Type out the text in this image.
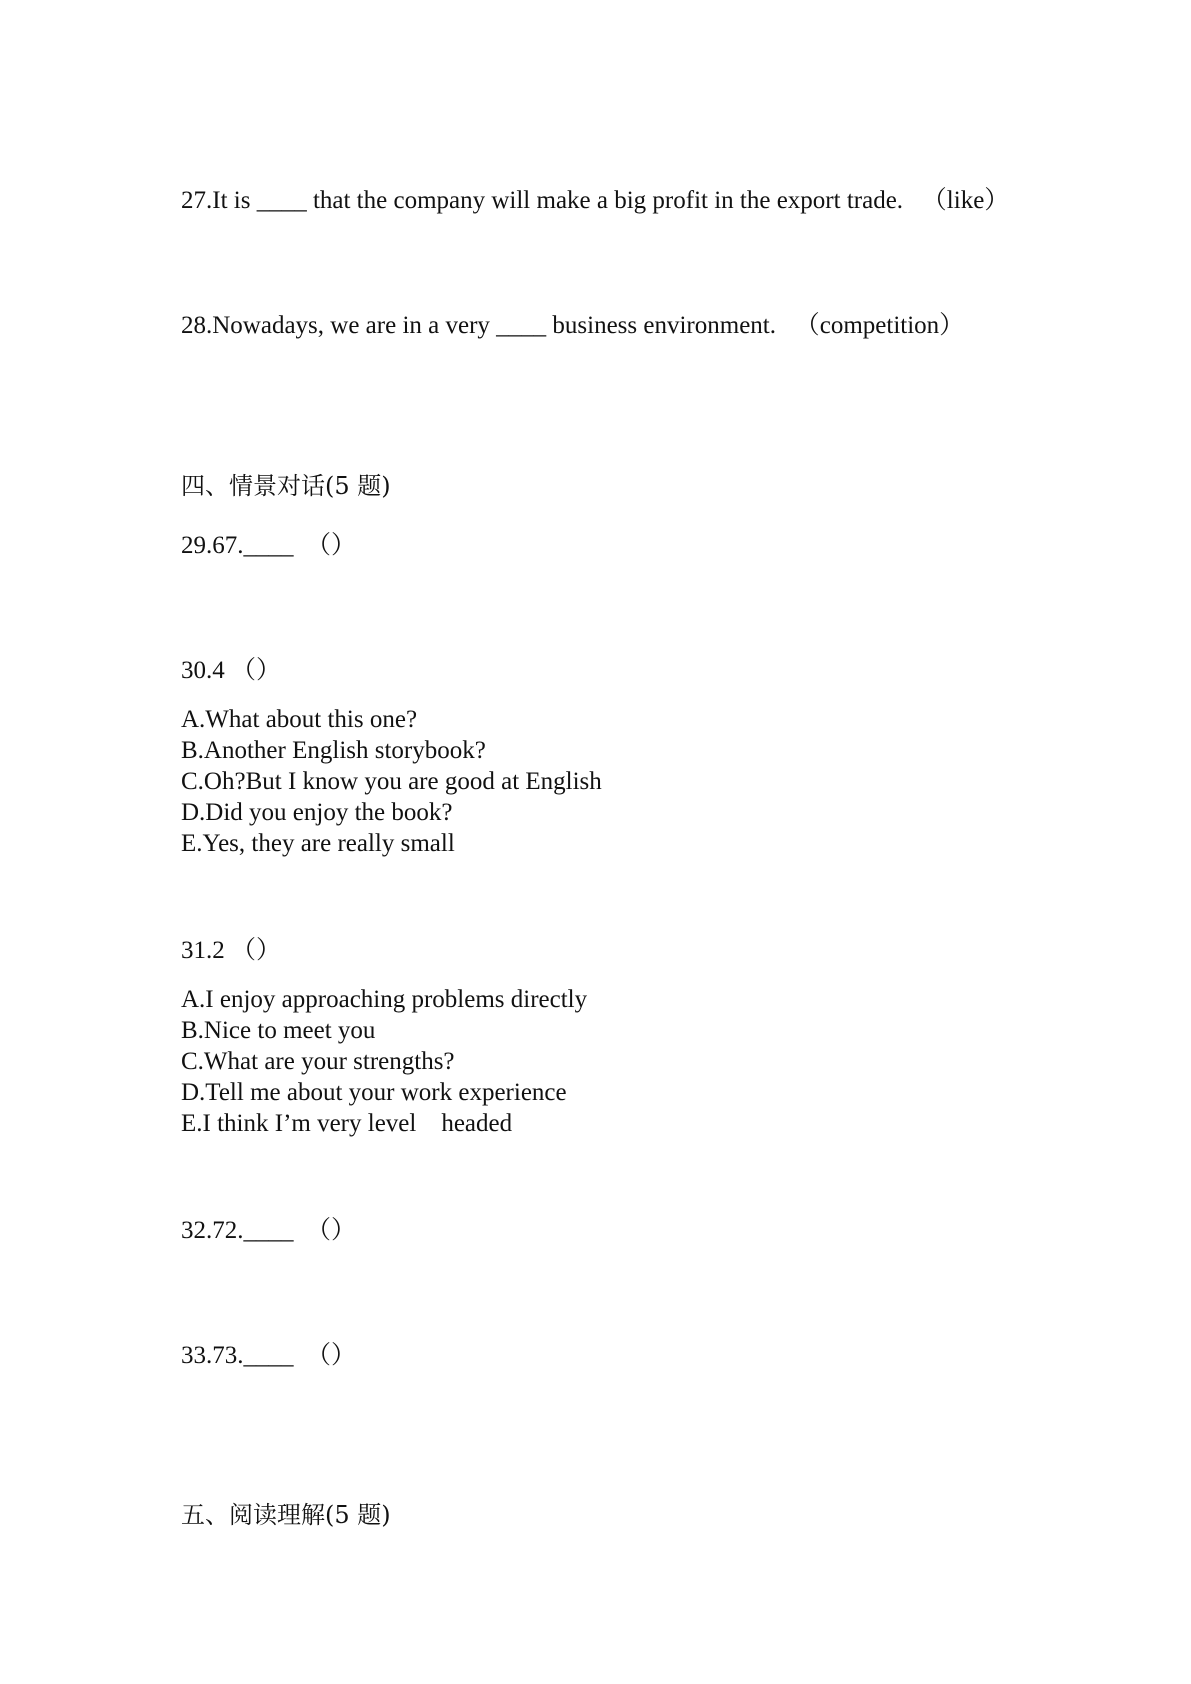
27.It is ____ that the company will make a big profit in the export trade.   （like）
28.Nowadays, we are in a very ____ business environment.   （competition）
四、情景对话(5 题)
29.67.____  （）
30.4 （）
A.What about this one?
B.Another English storybook?
C.Oh?But I know you are good at English
D.Did you enjoy the book?
E.Yes, they are really small
31.2 （）
A.I enjoy approaching problems directly
B.Nice to meet you
C.What are your strengths?
D.Tell me about your work experience
E.I think I’m very level    headed
32.72.____  （）
33.73.____  （）
五、阅读理解(5 题)
